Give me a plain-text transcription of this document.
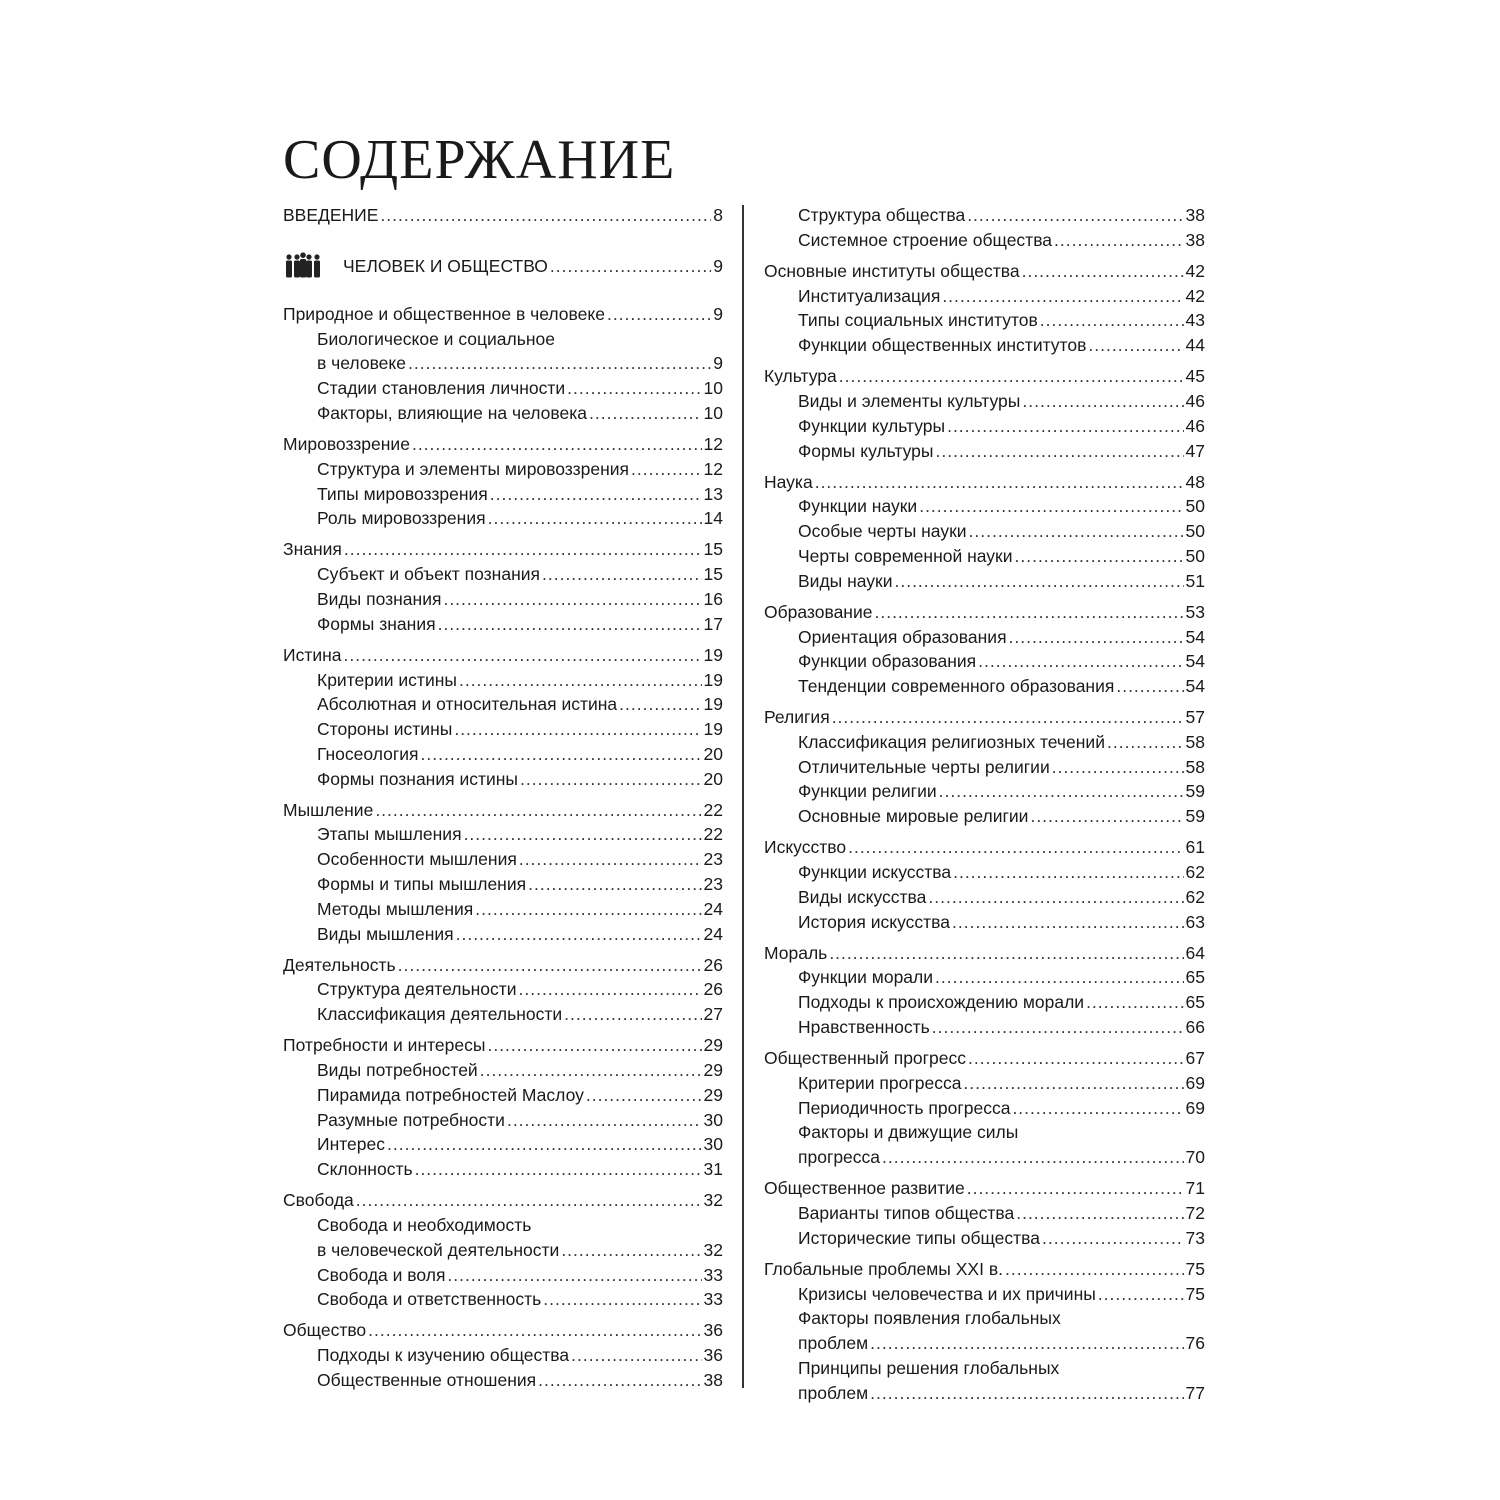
СОДЕРЖАНИЕ
ВВЕДЕНИЕ .....	8
ЧЕЛОВЕК И ОБЩЕСТВО .....	9
Природное и общественное в человеке .....	9
Биологическое и социальное
в человеке .....	9
Стадии становления личности .....	10
Факторы, влияющие на человека .....	10
Мировоззрение .....	12
Структура и элементы мировоззрения .....	12
Типы мировоззрения .....	13
Роль мировоззрения .....	14
Знания .....	15
Субъект и объект познания .....	15
Виды познания .....	16
Формы знания .....	17
Истина .....	19
Критерии истины .....	19
Абсолютная и относительная истина .....	19
Стороны истины .....	19
Гносеология .....	20
Формы познания истины .....	20
Мышление .....	22
Этапы мышления .....	22
Особенности мышления .....	23
Формы и типы мышления .....	23
Методы мышления .....	24
Виды мышления .....	24
Деятельность .....	26
Структура деятельности .....	26
Классификация деятельности .....	27
Потребности и интересы .....	29
Виды потребностей .....	29
Пирамида потребностей Маслоу .....	29
Разумные потребности .....	30
Интерес .....	30
Склонность .....	31
Свобода .....	32
Свобода и необходимость
в человеческой деятельности .....	32
Свобода и воля .....	33
Свобода и ответственность .....	33
Общество .....	36
Подходы к изучению общества .....	36
Общественные отношения .....	38
Структура общества .....	38
Системное строение общества .....	38
Основные институты общества .....	42
Институализация .....	42
Типы социальных институтов .....	43
Функции общественных институтов .....	44
Культура .....	45
Виды и элементы культуры .....	46
Функции культуры .....	46
Формы культуры .....	47
Наука .....	48
Функции науки .....	50
Особые черты науки .....	50
Черты современной науки .....	50
Виды науки .....	51
Образование .....	53
Ориентация образования .....	54
Функции образования .....	54
Тенденции современного образования .....	54
Религия .....	57
Классификация религиозных течений .....	58
Отличительные черты религии .....	58
Функции религии .....	59
Основные мировые религии .....	59
Искусство .....	61
Функции искусства .....	62
Виды искусства .....	62
История искусства .....	63
Мораль .....	64
Функции морали .....	65
Подходы к происхождению морали .....	65
Нравственность .....	66
Общественный прогресс .....	67
Критерии прогресса .....	69
Периодичность прогресса .....	69
Факторы и движущие силы
прогресса .....	70
Общественное развитие .....	71
Варианты типов общества .....	72
Исторические типы общества .....	73
Глобальные проблемы XXI в. .....	75
Кризисы человечества и их причины .....	75
Факторы появления глобальных
проблем .....	76
Принципы решения глобальных
проблем .....	77
